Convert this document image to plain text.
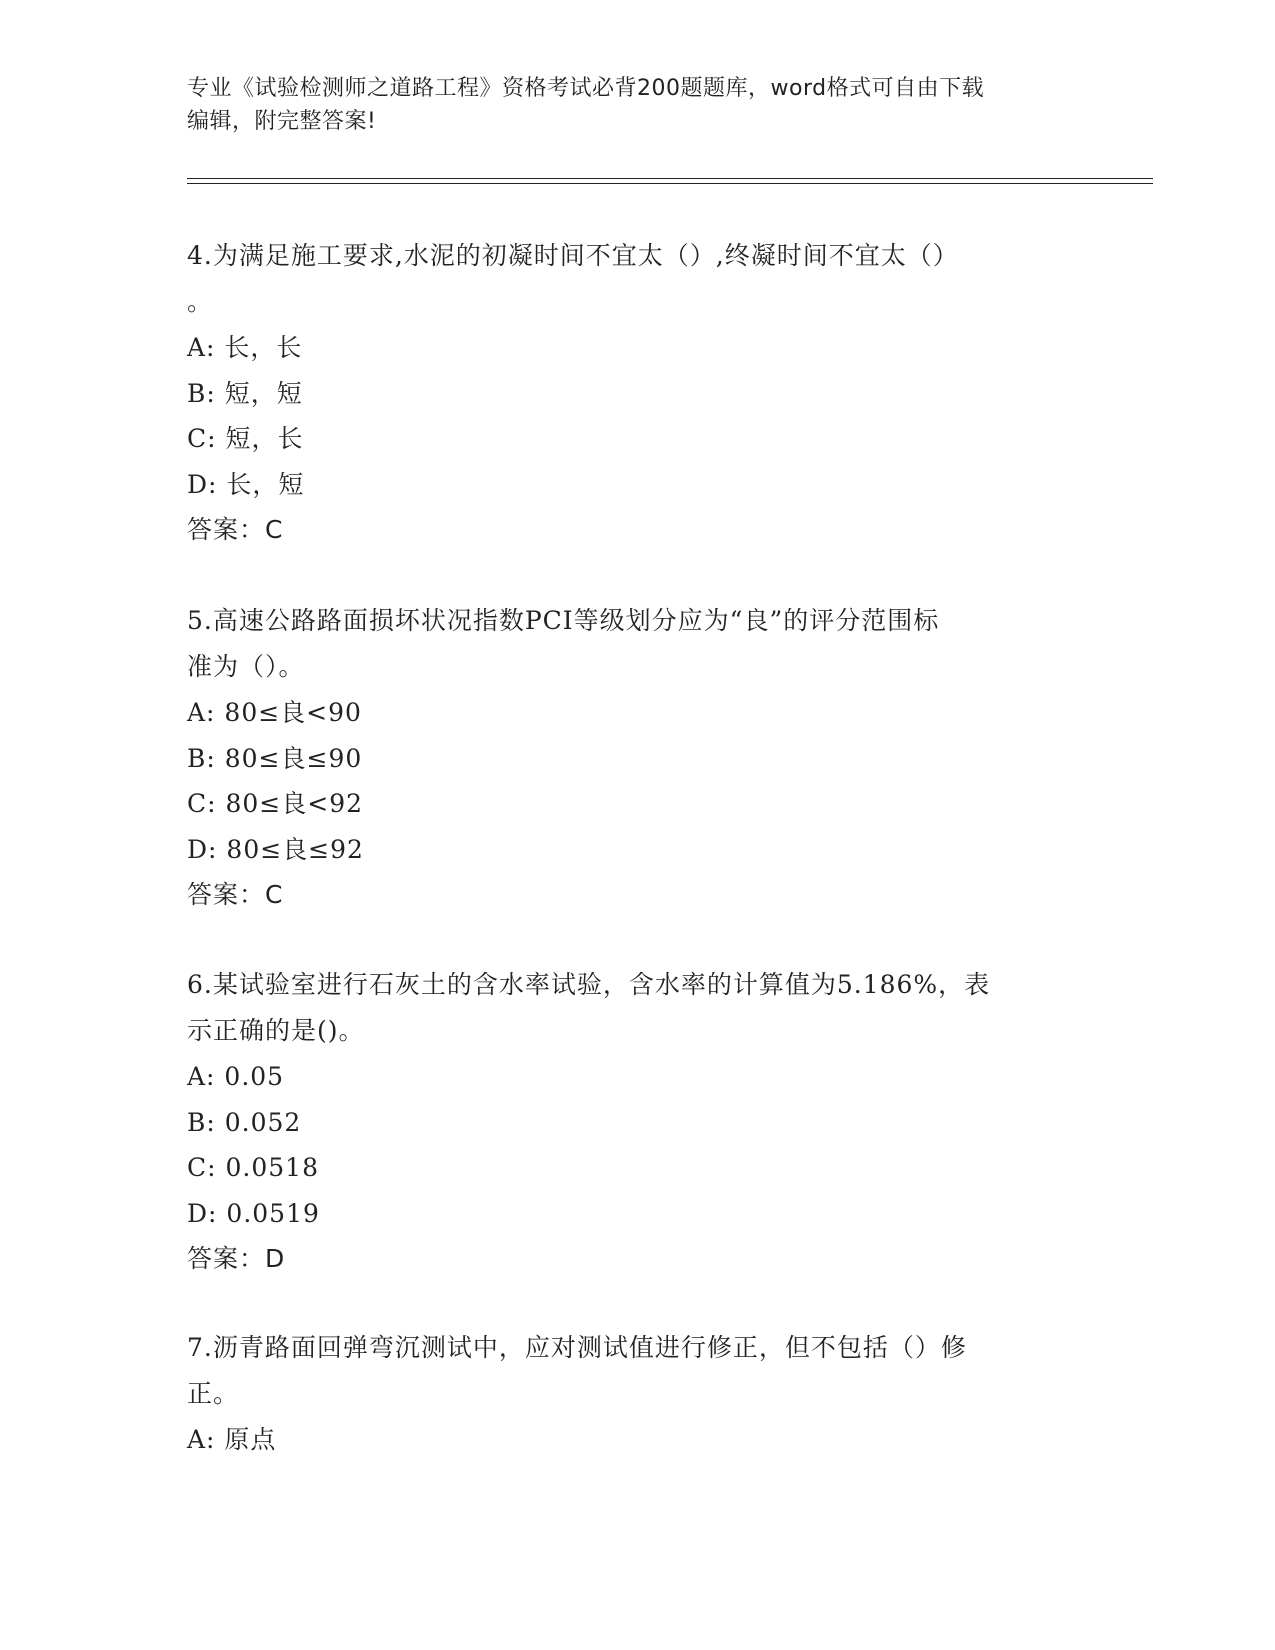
专业《试验检测师之道路工程》资格考试必背200题题库，word格式可自由下载
编辑，附完整答案!
4.为满足施工要求,水泥的初凝时间不宜太（）,终凝时间不宜太（）
。
A: 长，长
B: 短，短
C: 短，长
D: 长，短
答案：C
5.高速公路路面损坏状况指数PCI等级划分应为“良”的评分范围标
准为（）。
A: 80≤良<90
B: 80≤良≤90
C: 80≤良<92
D: 80≤良≤92
答案：C
6.某试验室进行石灰土的含水率试验，含水率的计算值为5.186%，表
示正确的是()。
A: 0.05
B: 0.052
C: 0.0518
D: 0.0519
答案：D
7.沥青路面回弹弯沉测试中，应对测试值进行修正，但不包括（）修
正。
A: 原点
